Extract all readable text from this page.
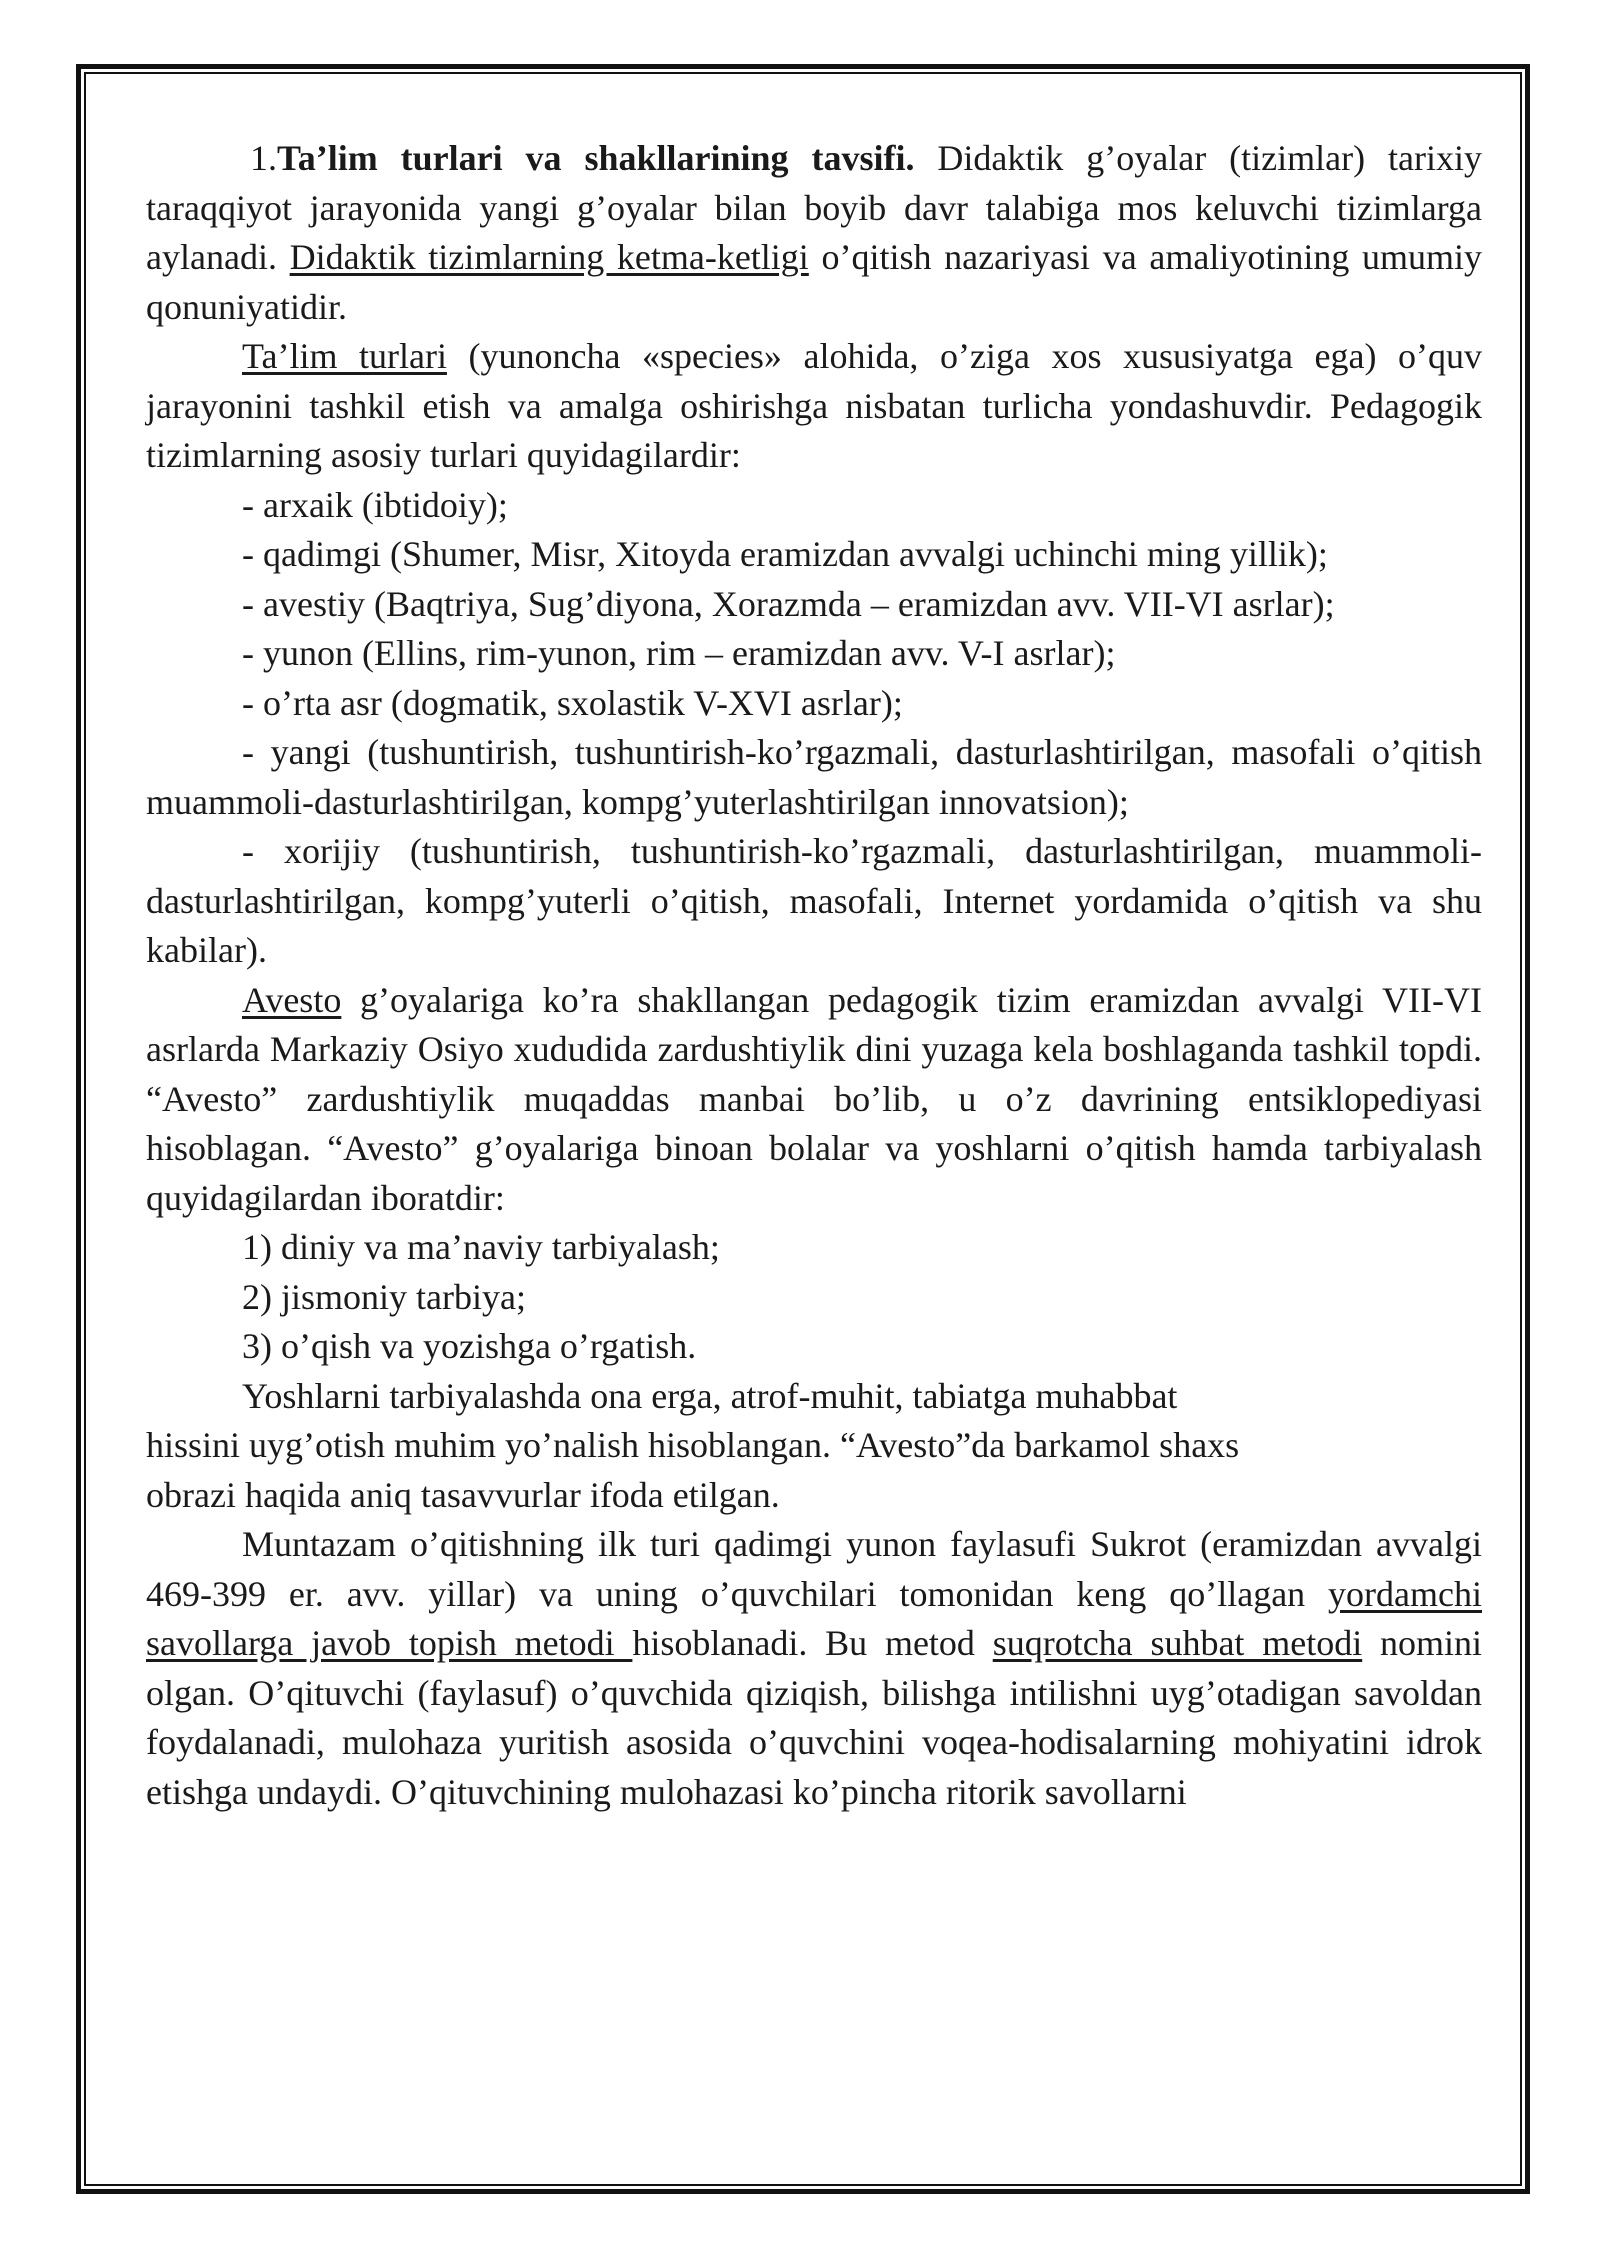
1.Ta’lim turlari va shakllarining tavsifi. Didaktik g’oyalar (tizimlar) tarixiy taraqqiyot jarayonida yangi g’oyalar bilan boyib davr talabiga mos keluvchi tizimlarga aylanadi. Didaktik tizimlarning ketma-ketligi o’qitish nazariyasi va amaliyotining umumiy qonuniyatidir.

Ta’lim turlari (yunoncha «species» alohida, o’ziga xos xususiyatga ega) o’quv jarayonini tashkil etish va amalga oshirishga nisbatan turlicha yondashuvdir. Pedagogik tizimlarning asosiy turlari quyidagilardir:

- arxaik (ibtidoiy);

- qadimgi (Shumer, Misr, Xitoyda eramizdan avvalgi uchinchi ming yillik);

- avestiy (Baqtriya, Sug’diyona, Xorazmda – eramizdan avv. VII-VI asrlar);

- yunon (Ellins, rim-yunon, rim – eramizdan avv. V-I asrlar);

- o’rta asr (dogmatik, sxolastik V-XVI asrlar);

- yangi (tushuntirish, tushuntirish-ko’rgazmali, dasturlashtirilgan, masofali o’qitish muammoli-dasturlashtirilgan, kompg’yuterlashtirilgan innovatsion);

- xorijiy (tushuntirish, tushuntirish-ko’rgazmali, dasturlashtirilgan, muammoli-dasturlashtirilgan, kompg’yuterli o’qitish, masofali, Internet yordamida o’qitish va shu kabilar).

Avesto g’oyalariga ko’ra shakllangan pedagogik tizim eramizdan avvalgi VII-VI asrlarda Markaziy Osiyo xududida zardushtiylik dini yuzaga kela boshlaganda tashkil topdi. “Avesto” zardushtiylik muqaddas manbai bo’lib, u o’z davrining entsiklopediyasi hisoblagan. “Avesto” g’oyalariga binoan bolalar va yoshlarni o’qitish hamda tarbiyalash quyidagilardan iboratdir:

1) diniy va ma’naviy tarbiyalash;

2) jismoniy tarbiya;

3) o’qish va yozishga o’rgatish.

Yoshlarni tarbiyalashda ona erga, atrof-muhit, tabiatga muhabbat

hissini uyg’otish muhim yo’nalish hisoblangan. “Avesto”da barkamol shaxs

obrazi haqida aniq tasavvurlar ifoda etilgan.

Muntazam o’qitishning ilk turi qadimgi yunon faylasufi Sukrot (eramizdan avvalgi 469-399 er. avv. yillar) va uning o’quvchilari tomonidan keng qo’llagan yordamchi savollarga javob topish metodi hisoblanadi. Bu metod suqrotcha suhbat metodi nomini olgan. O’qituvchi (faylasuf) o’quvchida qiziqish, bilishga intilishni uyg’otadigan savoldan foydalanadi, mulohaza yuritish asosida o’quvchini voqea-hodisalarning mohiyatini idrok etishga undaydi. O’qituvchining mulohazasi ko’pincha ritorik savollarni
